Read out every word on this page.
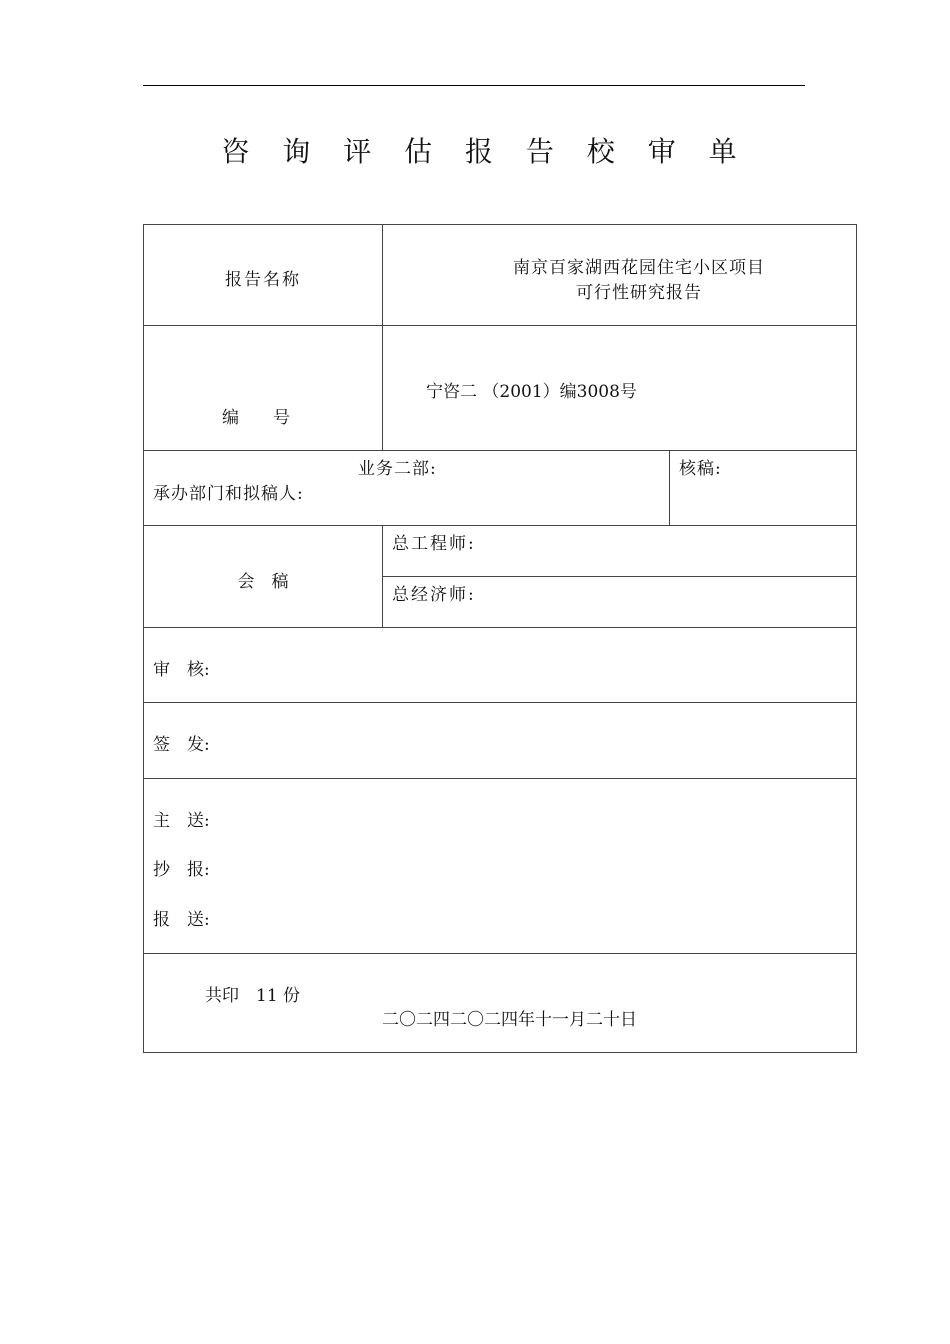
咨 询 评 估 报 告 校 审 单
报告名称
南京百家湖西花园住宅小区项目
可行性研究报告
编　　号
宁咨二 （2001）编3008号
业务二部:
承办部门和拟稿人:
核稿:
会　稿
总工程师:
总经济师:
审　核:
签　发:
主　送:
抄　报:
报　送:
共印　11 份
二〇二四二〇二四年十一月二十日
